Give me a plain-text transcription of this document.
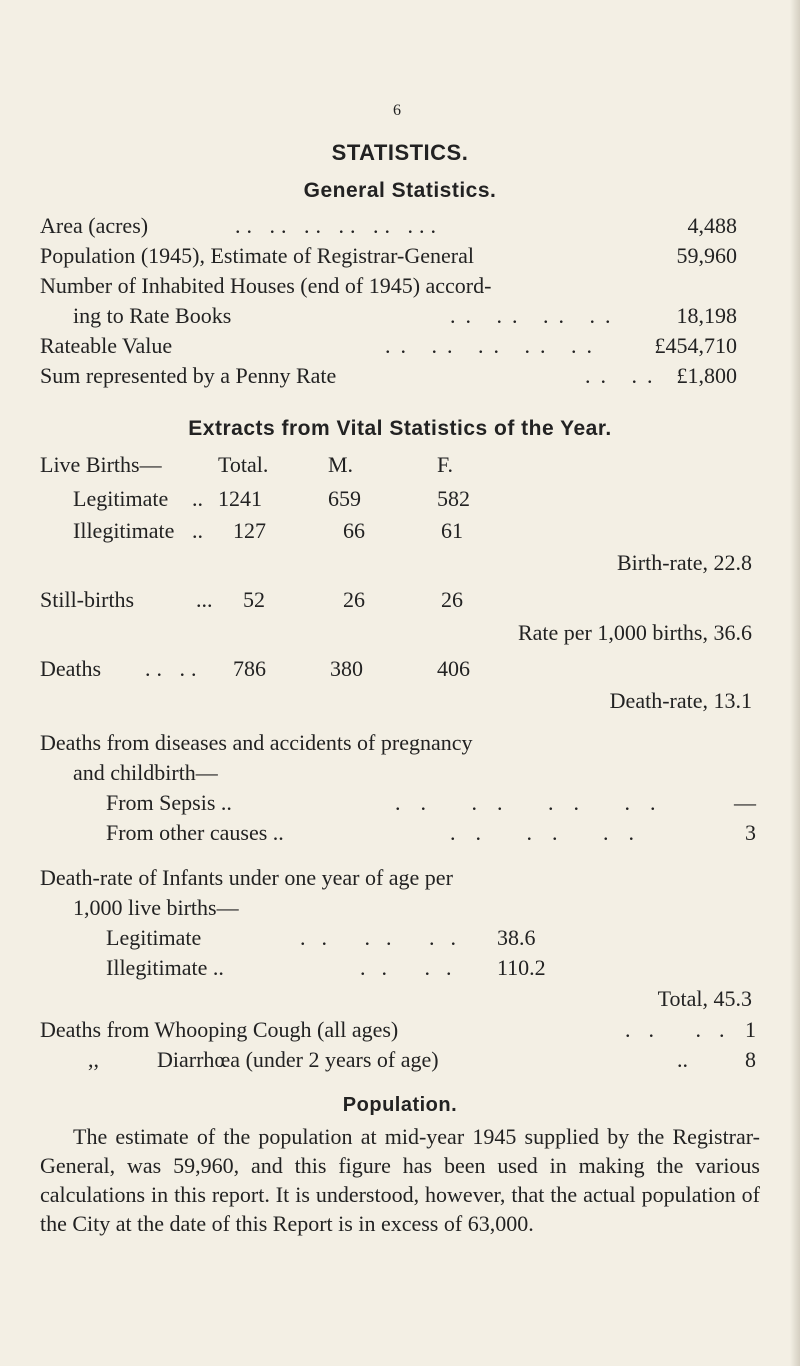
6
STATISTICS.
General Statistics.
Area (acres)	.. .. .. .. .. ...	4,488
Population (1945), Estimate of Registrar-General	59,960
Number of Inhabited Houses (end of 1945) accord-
ing to Rate Books	.. .. .. ..	18,198
Rateable Value	.. .. .. .. .. £454,710
Sum represented by a Penny Rate	.. .. £1,800
Extracts from Vital Statistics of the Year.
Live Births—	Total.	M.	F.
Legitimate .. 1241	659	582
Illegitimate .. 127	66	61
Birth-rate, 22.8
Still-births	... 52	26	26
Rate per 1,000 births, 36.6
Deaths .. .. 786	380	406
Death-rate, 13.1
Deaths from diseases and accidents of pregnancy
and childbirth—
From Sepsis ..	.. .. .. ..	—
From other causes ..	.. .. ..	3
Death-rate of Infants under one year of age per
1,000 live births—
Legitimate	.. .. .. 38.6
Illegitimate ..	.. .. 110.2
Total, 45.3
Deaths from Whooping Cough (all ages)	.. .. 1
,,	Diarrhœa (under 2 years of age)	..	8
Population.
The estimate of the population at mid-year 1945 supplied by the Registrar-General, was 59,960, and this figure has been used in making the various calculations in this report. It is understood, however, that the actual population of the City at the date of this Report is in excess of 63,000.
